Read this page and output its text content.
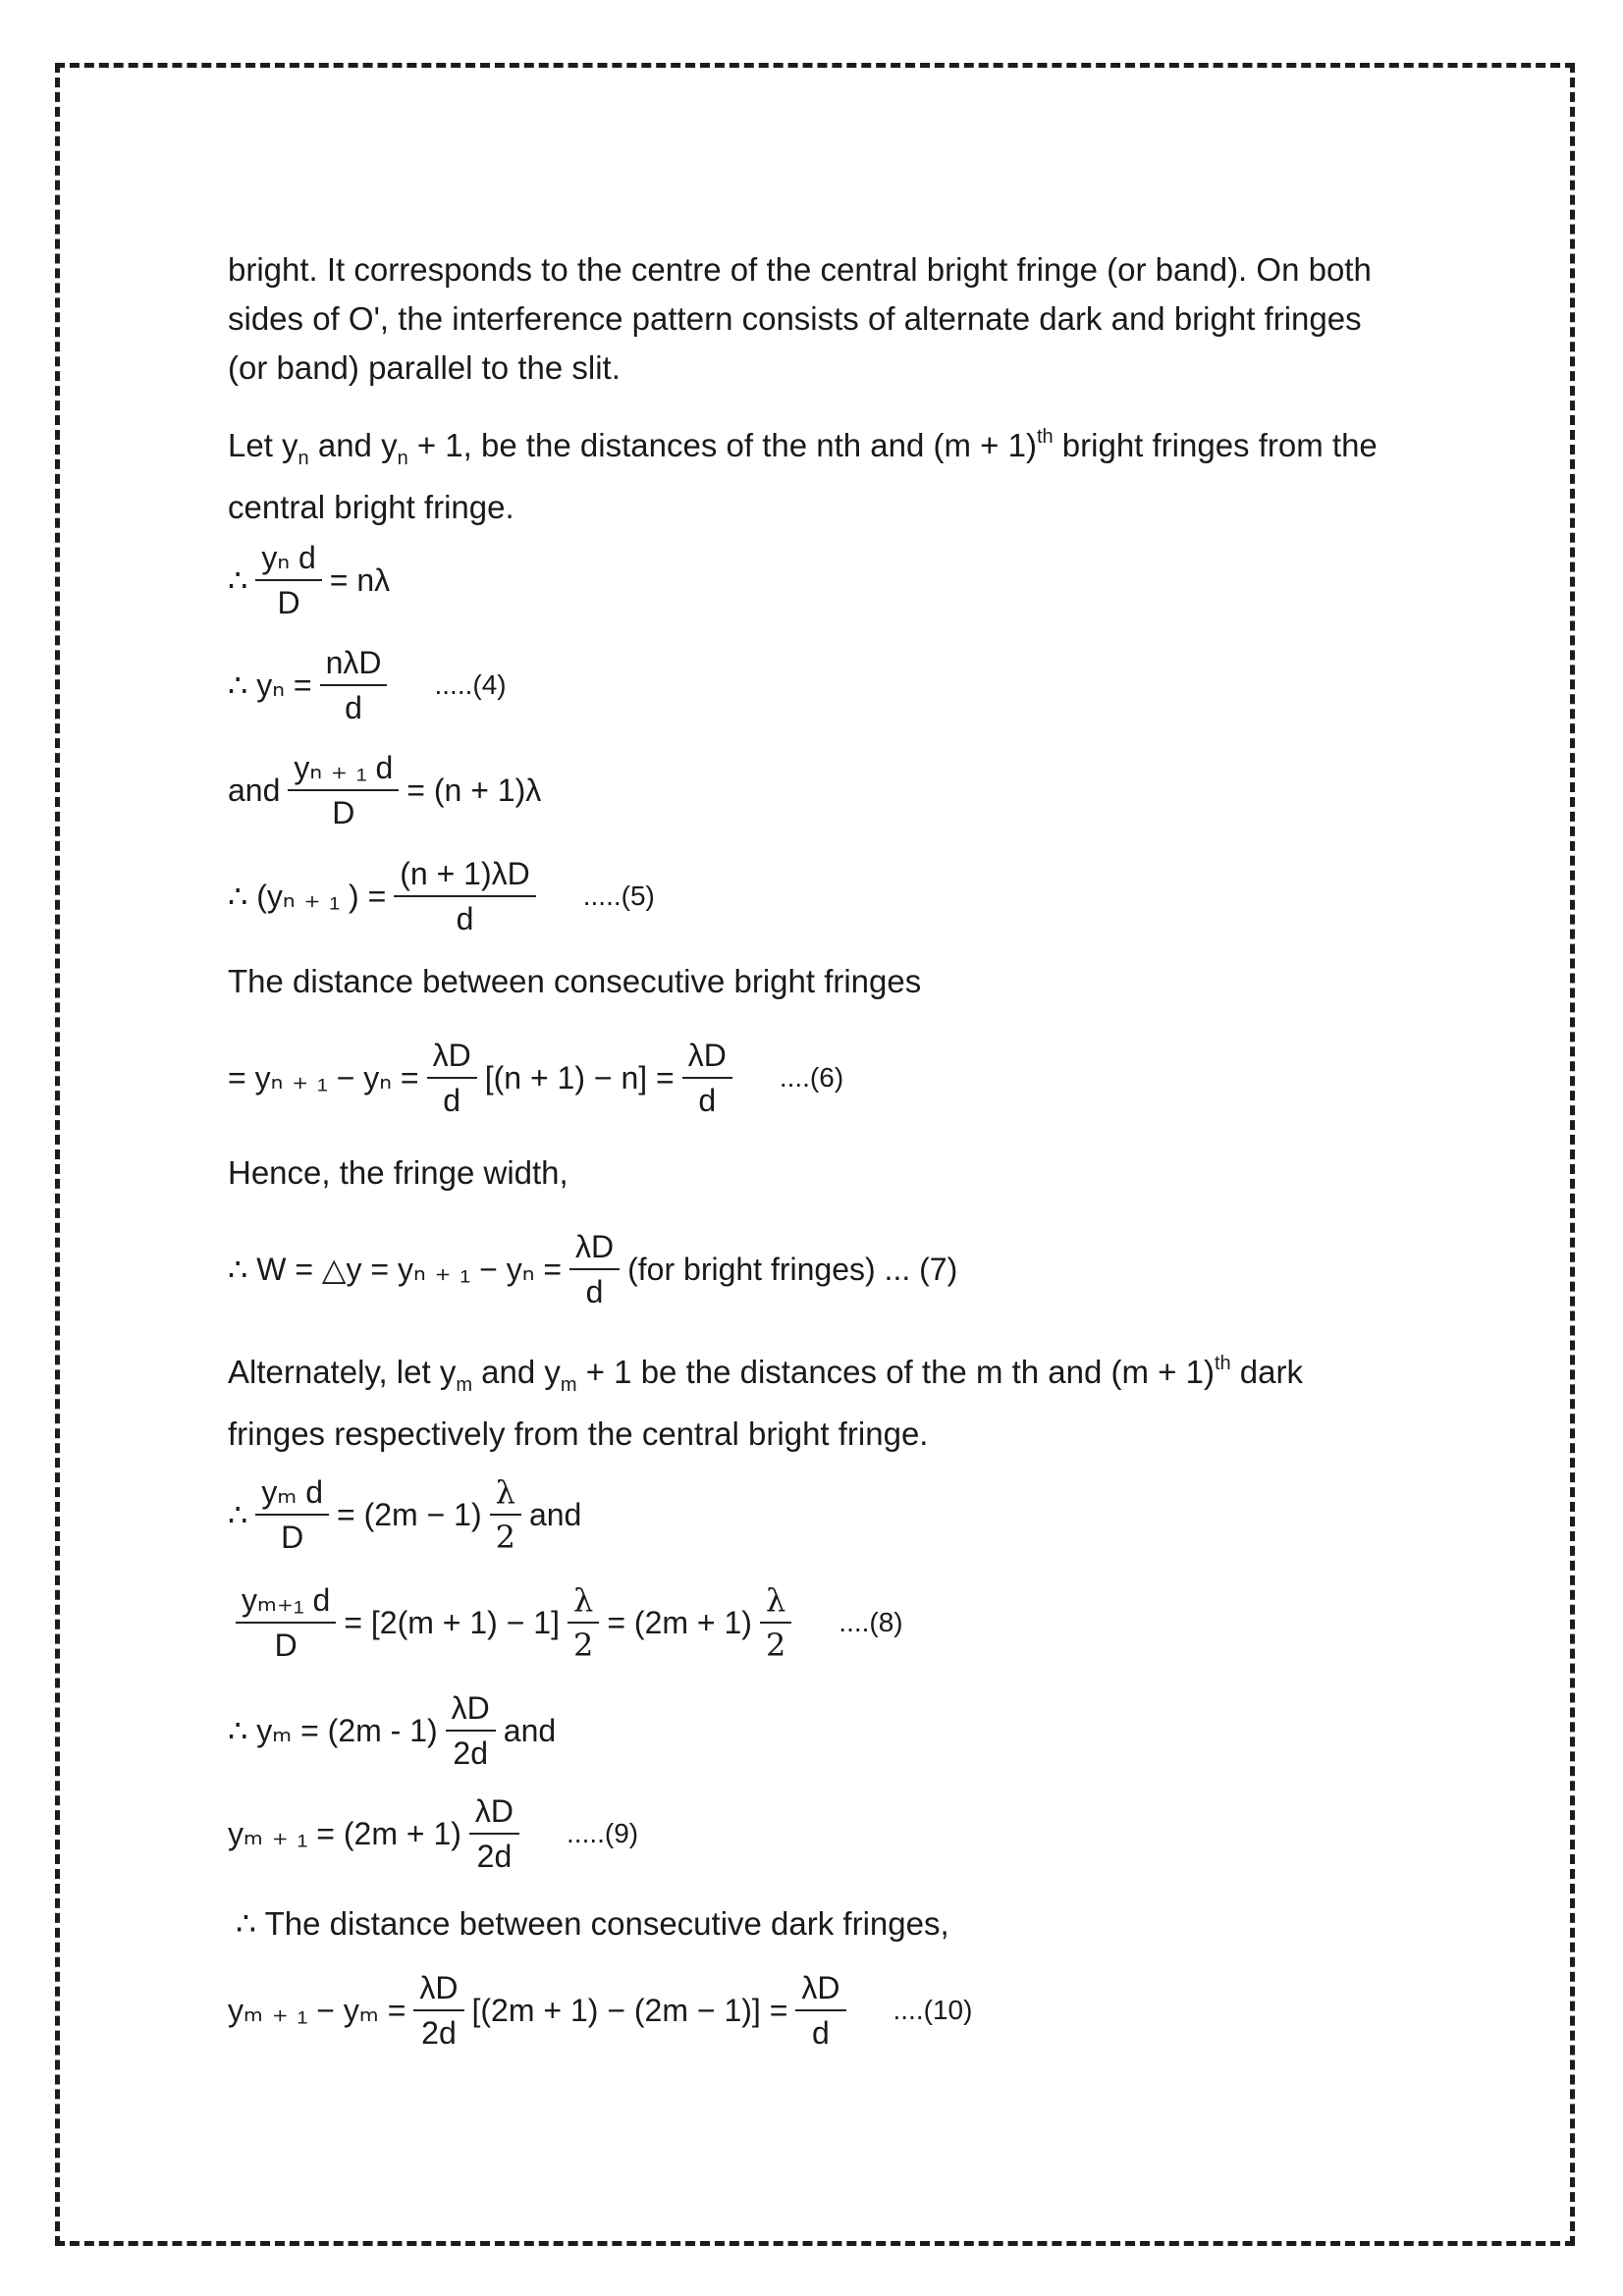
bright. It corresponds to the centre of the central bright fringe (or band). On both sides of O', the interference pattern consists of alternate dark and bright fringes (or band) parallel to the slit.

Let $y_n$ and $y_n + 1$, be the distances of the nth and $(m + 1)^{th}$ bright fringes from the central bright fringe.

∴ $\frac{\text{yₙ d}}{D} = n\lambda$
∴ $y_n = \frac{\text{nλD}}{d} .....(4)$
and $\frac{\text{yₙ ₊ ₁ d}}{D} = (n + 1)\lambda$
∴ (yₙ ₊ ₁ ) = $\frac{(n + 1)\lambda D}{d} .....(5)$

The distance between consecutive bright fringes

= yₙ ₊ $_1 - y_n = \frac{\lambda D}{d} [(n + 1) - n] = \frac{\lambda D}{d} ....(6)$

Hence, the fringe width,

∴ W = △y = yₙ ₊ $_1 - y_n = \frac{\lambda D}{d} (for$ bright fringes) ... (7)

Alternately, let $y_m$ and $y_m + 1$ be the distances of the m th and $(m + 1)^{th}$ dark fringes respectively from the central bright fringe.

∴ $\frac{\text{yₘ d}}{D} = (2m - 1) \frac{\lambda}{2}$ and
$\frac{\text{yₘ₊₁ d}}{D} = [2(m + 1) - 1] \frac{\lambda}{2} = (2m + 1) \frac{\lambda}{2} ....(8)$
∴ $y_m = (2m - 1) \frac{\lambda D}{2d}$ and
yₘ ₊ $_1 = (2m + 1) \frac{\lambda D}{2d} .....(9)$

∴ The distance between consecutive dark fringes,

yₘ ₊ $_1 - y_m = \frac{\lambda D}{2d} [(2m + 1) - (2m - 1)] = \frac{\lambda D}{d} ....(10)$
